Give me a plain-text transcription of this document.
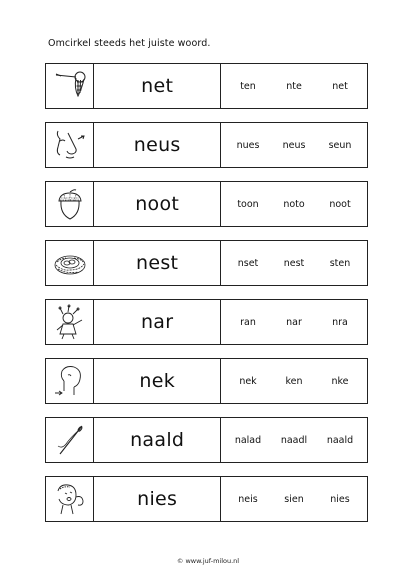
Omcirkel steeds het juiste woord.
net	ten	nte	net
neus	nues	neus	seun
noot	toon	noto	noot
nest	nset	nest	sten
nar	ran	nar	nra
nek	nek	ken	nke
naald	nalad	naadl	naald
nies	neis	sien	nies
© www.juf-milou.nl
